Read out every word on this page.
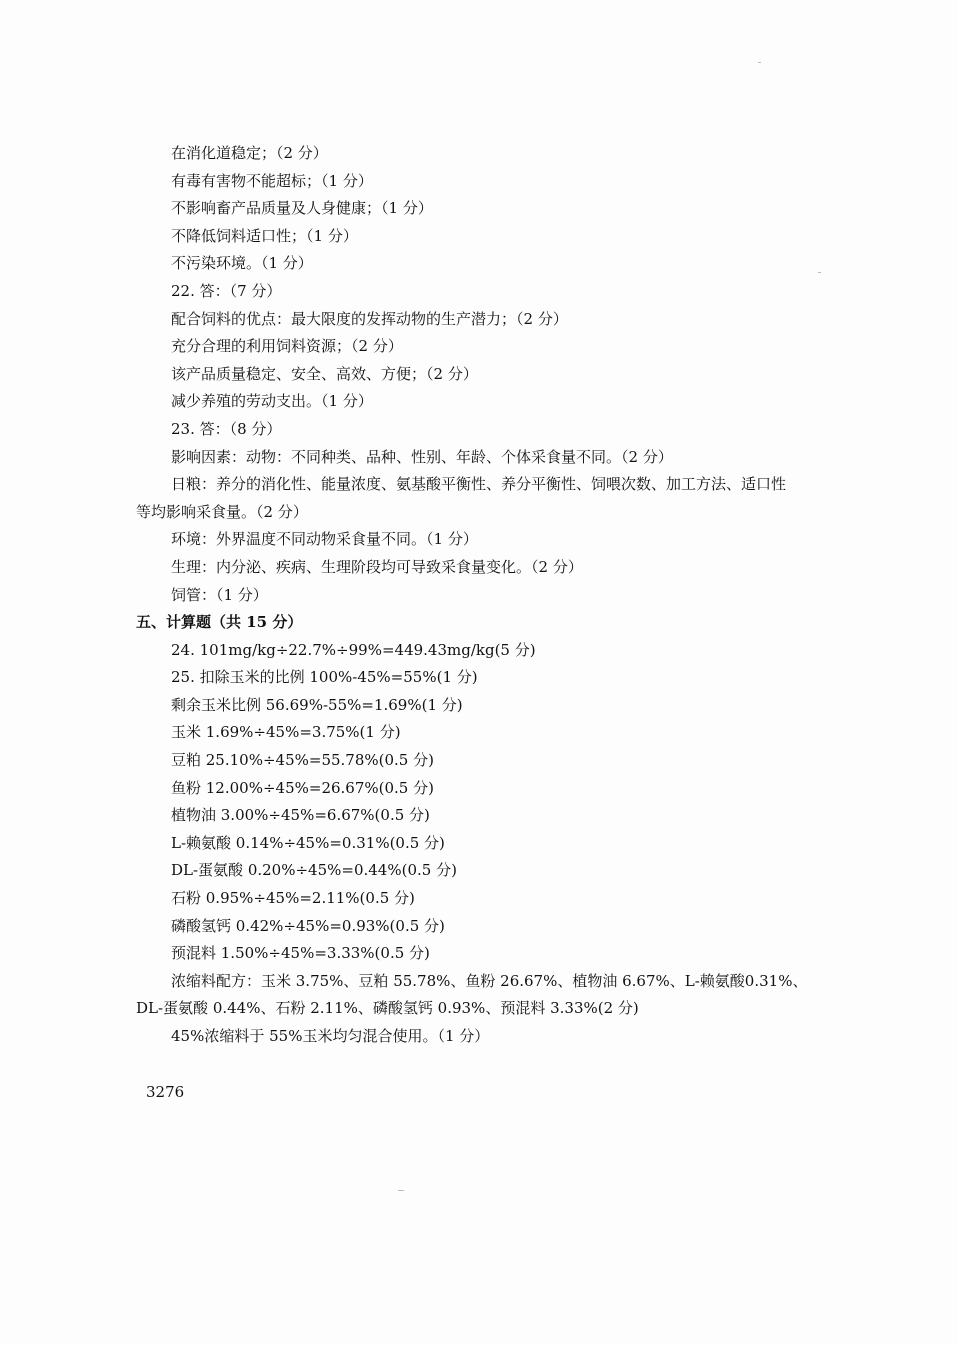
在消化道稳定；（2 分）
有毒有害物不能超标；（1 分）
不影响畜产品质量及人身健康；（1 分）
不降低饲料适口性；（1 分）
不污染环境。（1 分）
22. 答：（7 分）
配合饲料的优点：最大限度的发挥动物的生产潜力；（2 分）
充分合理的利用饲料资源；（2 分）
该产品质量稳定、安全、高效、方便；（2 分）
减少养殖的劳动支出。（1 分）
23. 答：（8 分）
影响因素：动物：不同种类、品种、性别、年龄、个体采食量不同。（2 分）
日粮：养分的消化性、能量浓度、氨基酸平衡性、养分平衡性、饲喂次数、加工方法、适口性
等均影响采食量。（2 分）
环境：外界温度不同动物采食量不同。（1 分）
生理：内分泌、疾病、生理阶段均可导致采食量变化。（2 分）
饲管：（1 分）
五、计算题（共 15 分）
24. 101mg/kg÷22.7%÷99%=449.43mg/kg(5 分)
25. 扣除玉米的比例 100%-45%=55%(1 分)
剩余玉米比例 56.69%-55%=1.69%(1 分)
玉米 1.69%÷45%=3.75%(1 分)
豆粕 25.10%÷45%=55.78%(0.5 分)
鱼粉 12.00%÷45%=26.67%(0.5 分)
植物油 3.00%÷45%=6.67%(0.5 分)
L-赖氨酸 0.14%÷45%=0.31%(0.5 分)
DL-蛋氨酸 0.20%÷45%=0.44%(0.5 分)
石粉 0.95%÷45%=2.11%(0.5 分)
磷酸氢钙 0.42%÷45%=0.93%(0.5 分)
预混料 1.50%÷45%=3.33%(0.5 分)
浓缩料配方：玉米 3.75%、豆粕 55.78%、鱼粉 26.67%、植物油 6.67%、L-赖氨酸0.31%、
DL-蛋氨酸 0.44%、石粉 2.11%、磷酸氢钙 0.93%、预混料 3.33%(2 分)
45%浓缩料于 55%玉米均匀混合使用。（1 分）
3276
